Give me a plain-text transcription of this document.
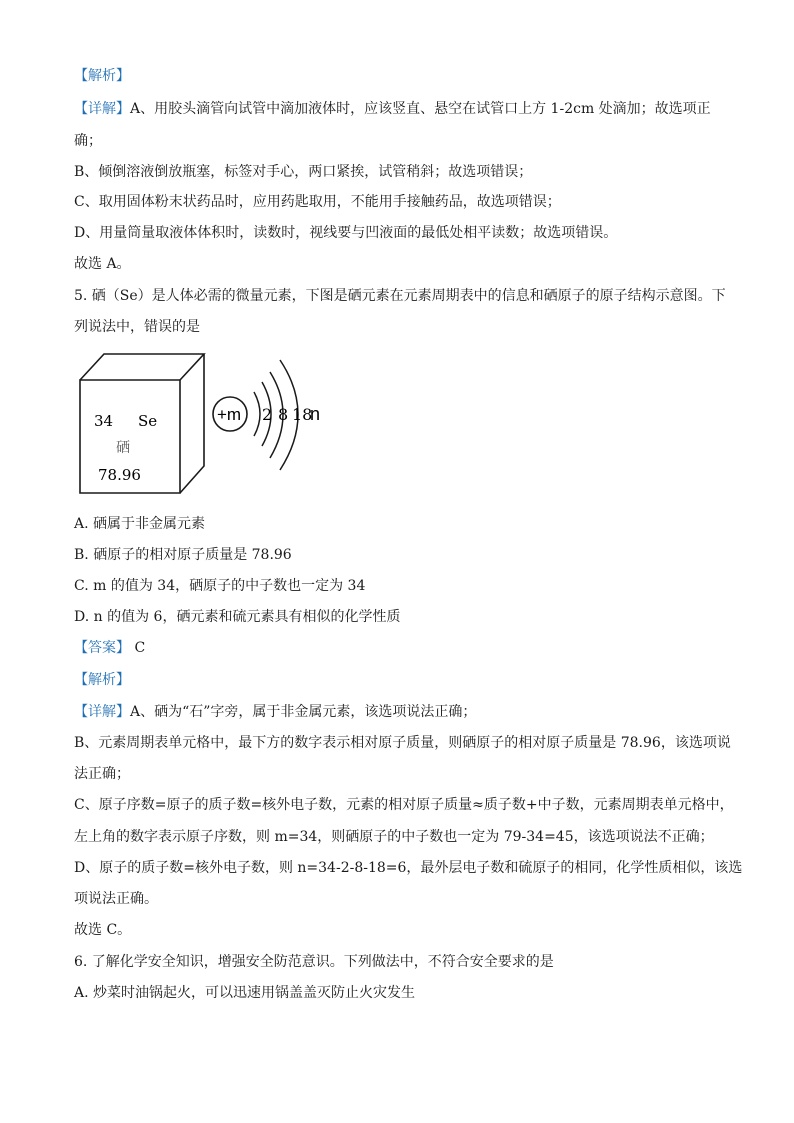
【解析】
【详解】A、用胶头滴管向试管中滴加液体时，应该竖直、悬空在试管口上方 1-2cm 处滴加；故选项正
确；
B、倾倒溶液倒放瓶塞，标签对手心，两口紧挨，试管稍斜；故选项错误；
C、取用固体粉末状药品时，应用药匙取用，不能用手接触药品，故选项错误；
D、用量筒量取液体体积时，读数时，视线要与凹液面的最低处相平读数；故选项错误。
故选 A。
5. 硒（Se）是人体必需的微量元素，下图是硒元素在元素周期表中的信息和硒原子的原子结构示意图。下
列说法中，错误的是
34 Se
硒
78.96
+m 2 8 18
n
A. 硒属于非金属元素
B. 硒原子的相对原子质量是 78.96
C. m 的值为 34，硒原子的中子数也一定为 34
D. n 的值为 6，硒元素和硫元素具有相似的化学性质
【答案】 C
【解析】
【详解】A、硒为“石”字旁，属于非金属元素，该选项说法正确；
B、元素周期表单元格中，最下方的数字表示相对原子质量，则硒原子的相对原子质量是 78.96，该选项说
法正确；
C、原子序数=原子的质子数=核外电子数，元素的相对原子质量≈质子数+中子数，元素周期表单元格中，
左上角的数字表示原子序数，则 m=34，则硒原子的中子数也一定为 79-34=45，该选项说法不正确；
D、原子的质子数=核外电子数，则 n=34-2-8-18=6，最外层电子数和硫原子的相同，化学性质相似，该选
项说法正确。
故选 C。
6. 了解化学安全知识，增强安全防范意识。下列做法中，不符合安全要求的是
A. 炒菜时油锅起火，可以迅速用锅盖盖灭防止火灾发生
